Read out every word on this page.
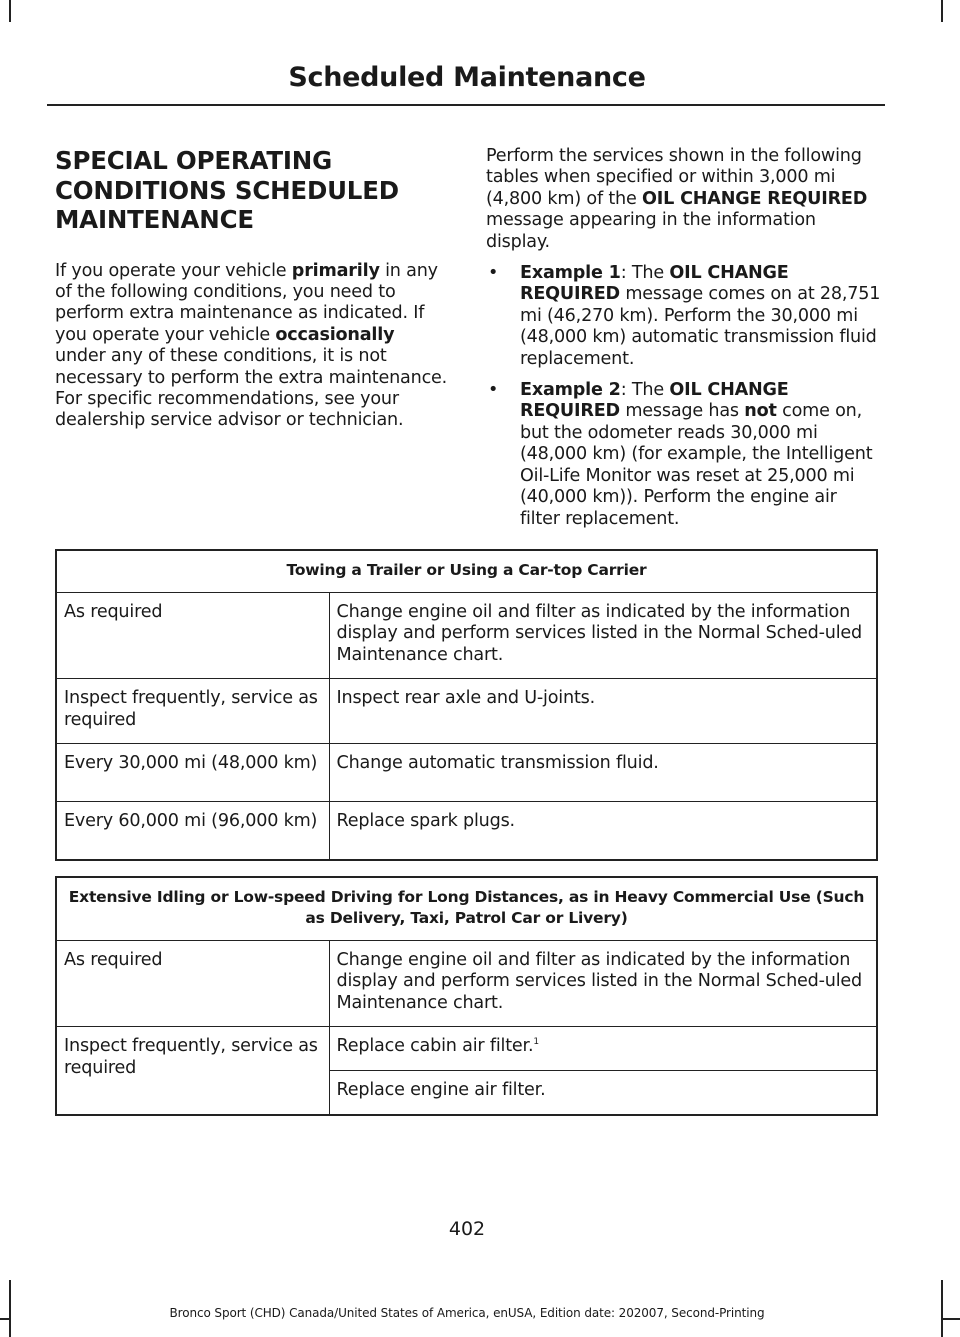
Scheduled Maintenance
SPECIAL OPERATING
CONDITIONS SCHEDULED
MAINTENANCE

If you operate your vehicle primarily in any of the following conditions, you need to perform extra maintenance as indicated. If you operate your vehicle occasionally under any of these conditions, it is not necessary to perform the extra maintenance. For specific recommendations, see your dealership service advisor or technician.

Perform the services shown in the following tables when specified or within 3,000 mi (4,800 km) of the OIL CHANGE REQUIRED message appearing in the information display.

• Example 1: The OIL CHANGE REQUIRED message comes on at 28,751 mi (46,270 km). Perform the 30,000 mi (48,000 km) automatic transmission fluid replacement.
• Example 2: The OIL CHANGE REQUIRED message has not come on, but the odometer reads 30,000 mi (48,000 km) (for example, the Intelligent Oil-Life Monitor was reset at 25,000 mi (40,000 km)). Perform the engine air filter replacement.
Towing a Trailer or Using a Car-top Carrier	
As required	Change engine oil and filter as indicated by the information display and perform services listed in the Normal Sched-uled Maintenance chart.
Inspect frequently, service as required	Inspect rear axle and U-joints.
Every 30,000 mi (48,000 km)	Change automatic transmission fluid.
Every 60,000 mi (96,000 km)	Replace spark plugs.
Extensive Idling or Low-speed Driving for Long Distances, as in Heavy Commercial Use (Such as Delivery, Taxi, Patrol Car or Livery)	
As required	Change engine oil and filter as indicated by the information display and perform services listed in the Normal Sched-uled Maintenance chart.
Inspect frequently, service as required	Replace cabin air filter.$^1$
	Replace engine air filter.
402
Bronco Sport (CHD) Canada/United States of America, enUSA, Edition date: 202007, Second-Printing
